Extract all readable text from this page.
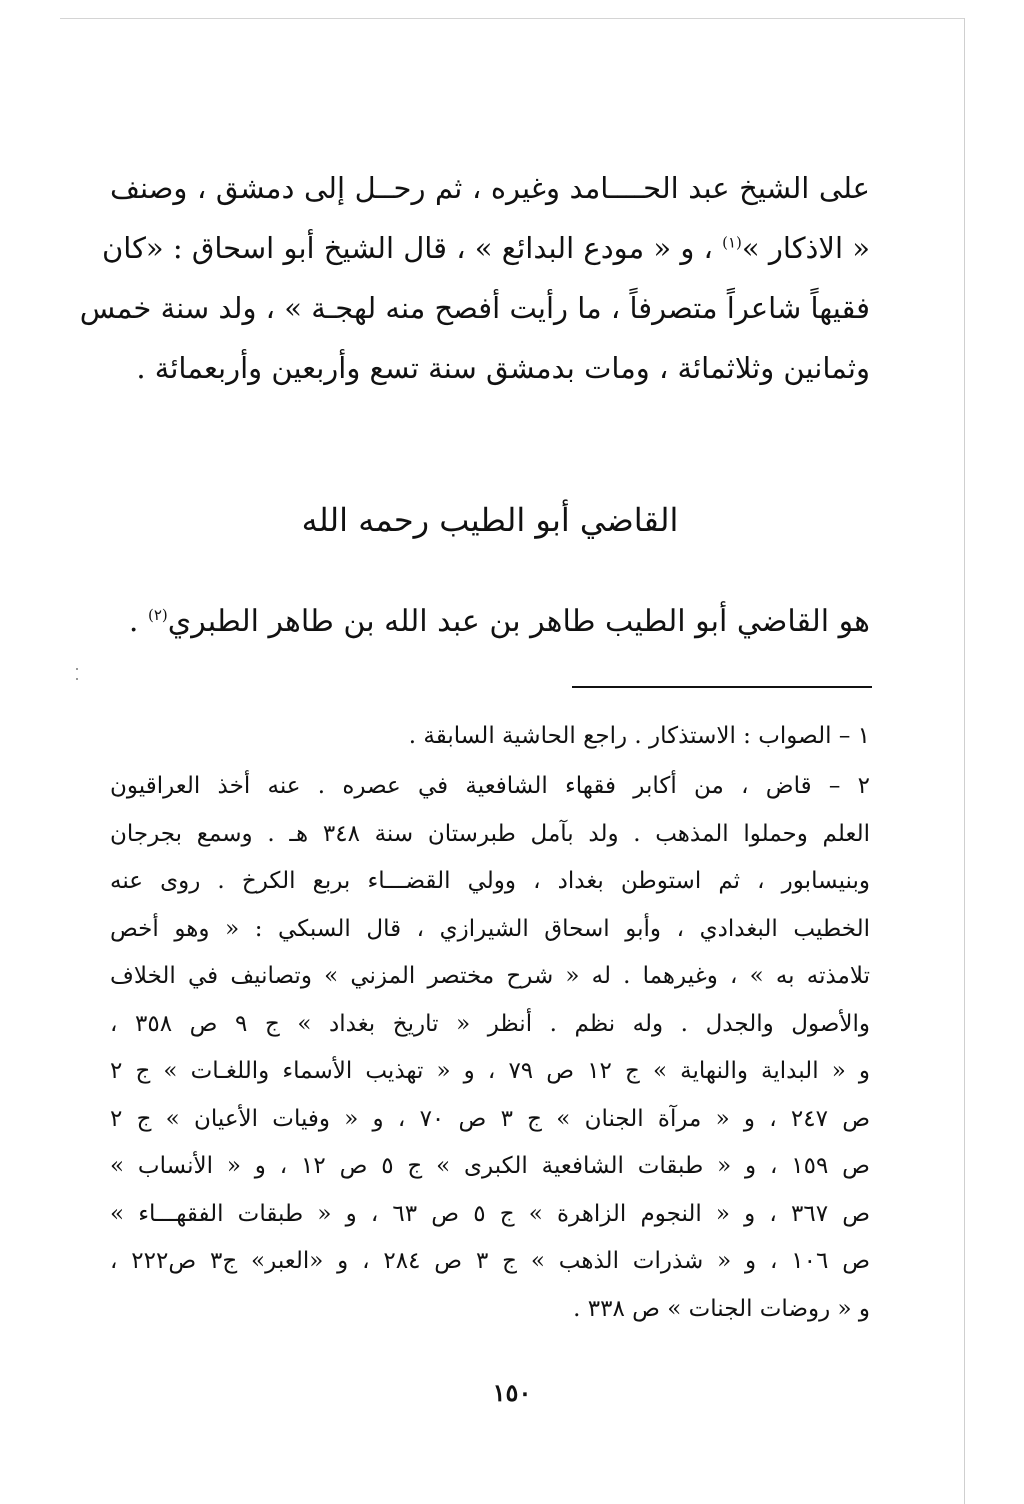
على الشيخ عبد الحــــامد وغيره ، ثم رحــل إلى دمشق ، وصنف
« الاذكار »$^{(١)}$ ، و « مودع البدائع » ، قال الشيخ أبو اسحاق : «كان
فقيهاً شاعراً متصرفاً ، ما رأيت أفصح منه لهجـة » ، ولد سنة خمس
وثمانين وثلاثمائة ، ومات بدمشق سنة تسع وأربعين وأربعمائة .
القاضي أبو الطيب رحمه الله
هو القاضي أبو الطيب طاهر بن عبد الله بن طاهر الطبري$^{(٢)}$ .
١ – الصواب : الاستذكار . راجع الحاشية السابقة .
٢ – قاض ، من أكابر فقهاء الشافعية في عصره . عنه أخذ العراقيون
العلم وحملوا المذهب . ولد بآمل طبرستان سنة ٣٤٨ هـ . وسمع بجرجان
وبنيسابور ، ثم استوطن بغداد ، وولي القضـــاء بربع الكرخ . روى عنه
الخطيب البغدادي ، وأبو اسحاق الشيرازي ، قال السبكي : « وهو أخص
تلامذته به » ، وغيرهما . له « شرح مختصر المزني » وتصانيف في الخلاف
والأصول والجدل . وله نظم . أنظر « تاريخ بغداد » ج ٩ ص ٣٥٨ ،
و « البداية والنهاية » ج ١٢ ص ٧٩ ، و « تهذيب الأسماء واللغـات » ج ٢
ص ٢٤٧ ، و « مرآة الجنان » ج ٣ ص ٧٠ ، و « وفيات الأعيان » ج ٢
ص ١٥٩ ، و « طبقات الشافعية الكبرى » ج ٥ ص ١٢ ، و « الأنساب »
ص ٣٦٧ ، و « النجوم الزاهرة » ج ٥ ص ٦٣ ، و « طبقات الفقهـــاء »
ص ١٠٦ ، و « شذرات الذهب » ج ٣ ص ٢٨٤ ، و «العبر» ج٣ ص٢٢٢ ،
و « روضات الجنات » ص ٣٣٨ .
١٥٠
